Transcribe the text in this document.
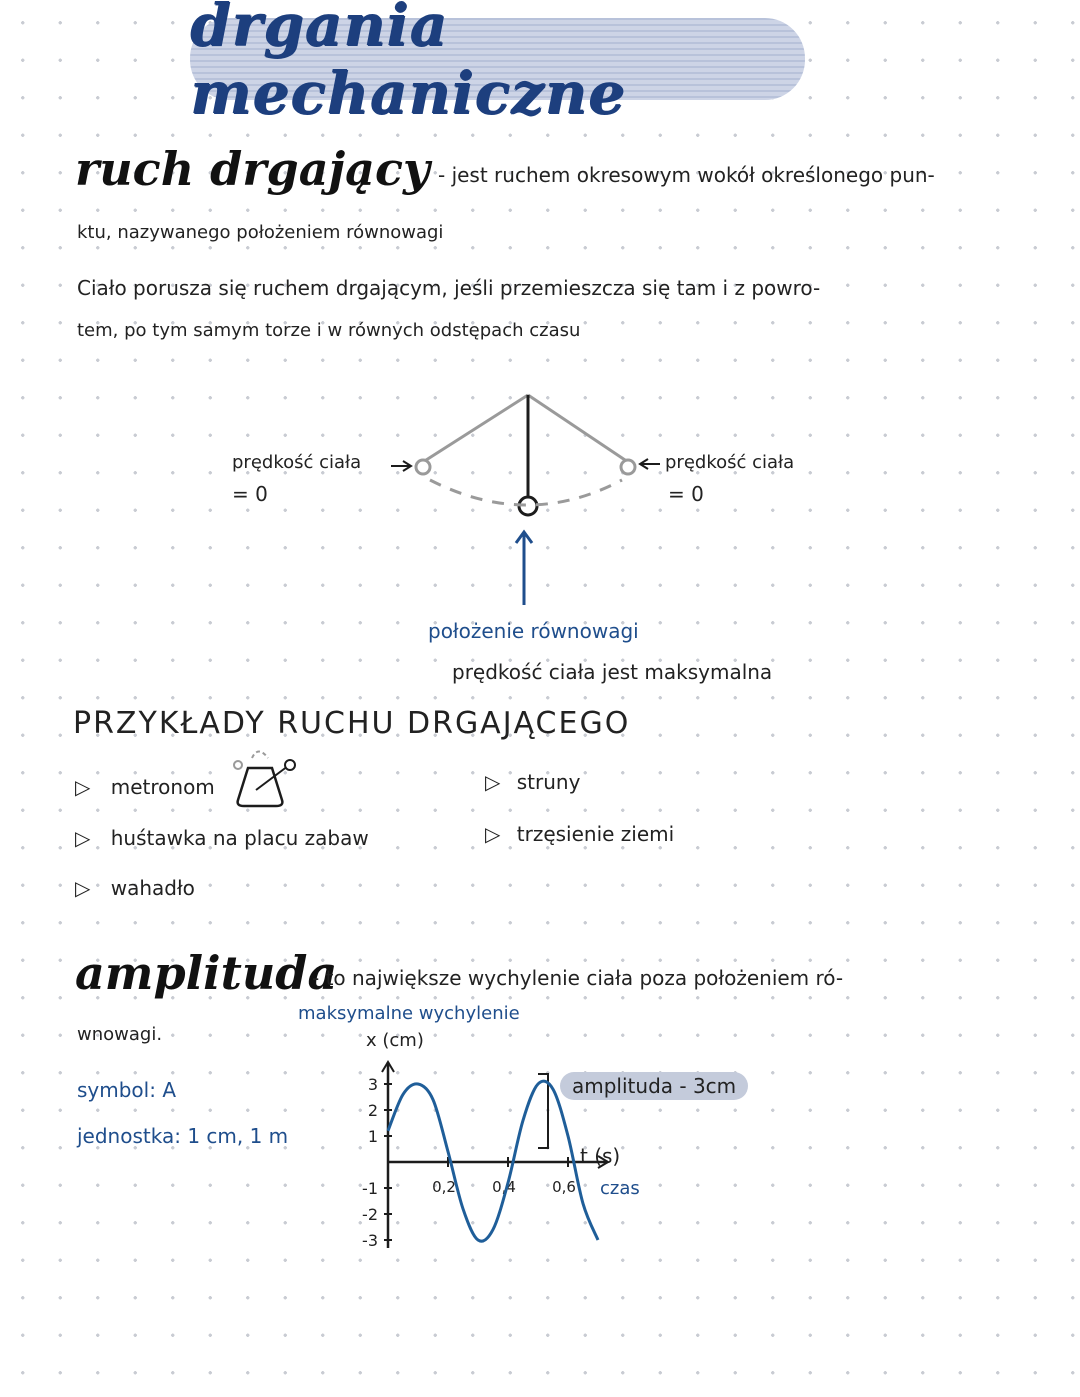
drgania mechaniczne
ruch drgający - jest ruchem okresowym wokół określonego pun-
ktu, nazywanego położeniem równowagi
Ciało porusza się ruchem drgającym, jeśli przemieszcza się tam i z powro-
tem, po tym samym torze i w równych odstępach czasu
prędkość ciała
= 0
prędkość ciała
= 0
położenie równowagi
prędkość ciała jest maksymalna
PRZYKŁADY RUCHU DRGAJĄCEGO
▷ metronom
▷ huśtawka na placu zabaw
▷ wahadło
▷ struny
▷ trzęsienie ziemi
amplituda
- to największe wychylenie ciała poza położeniem ró-
wnowagi.
symbol: A
jednostka: 1 cm, 1 m
maksymalne wychylenie
x (cm)
t (s)
czas
amplituda - 3cm
3
2
1
-1
-2
-3
0,2 0,4 0,6
